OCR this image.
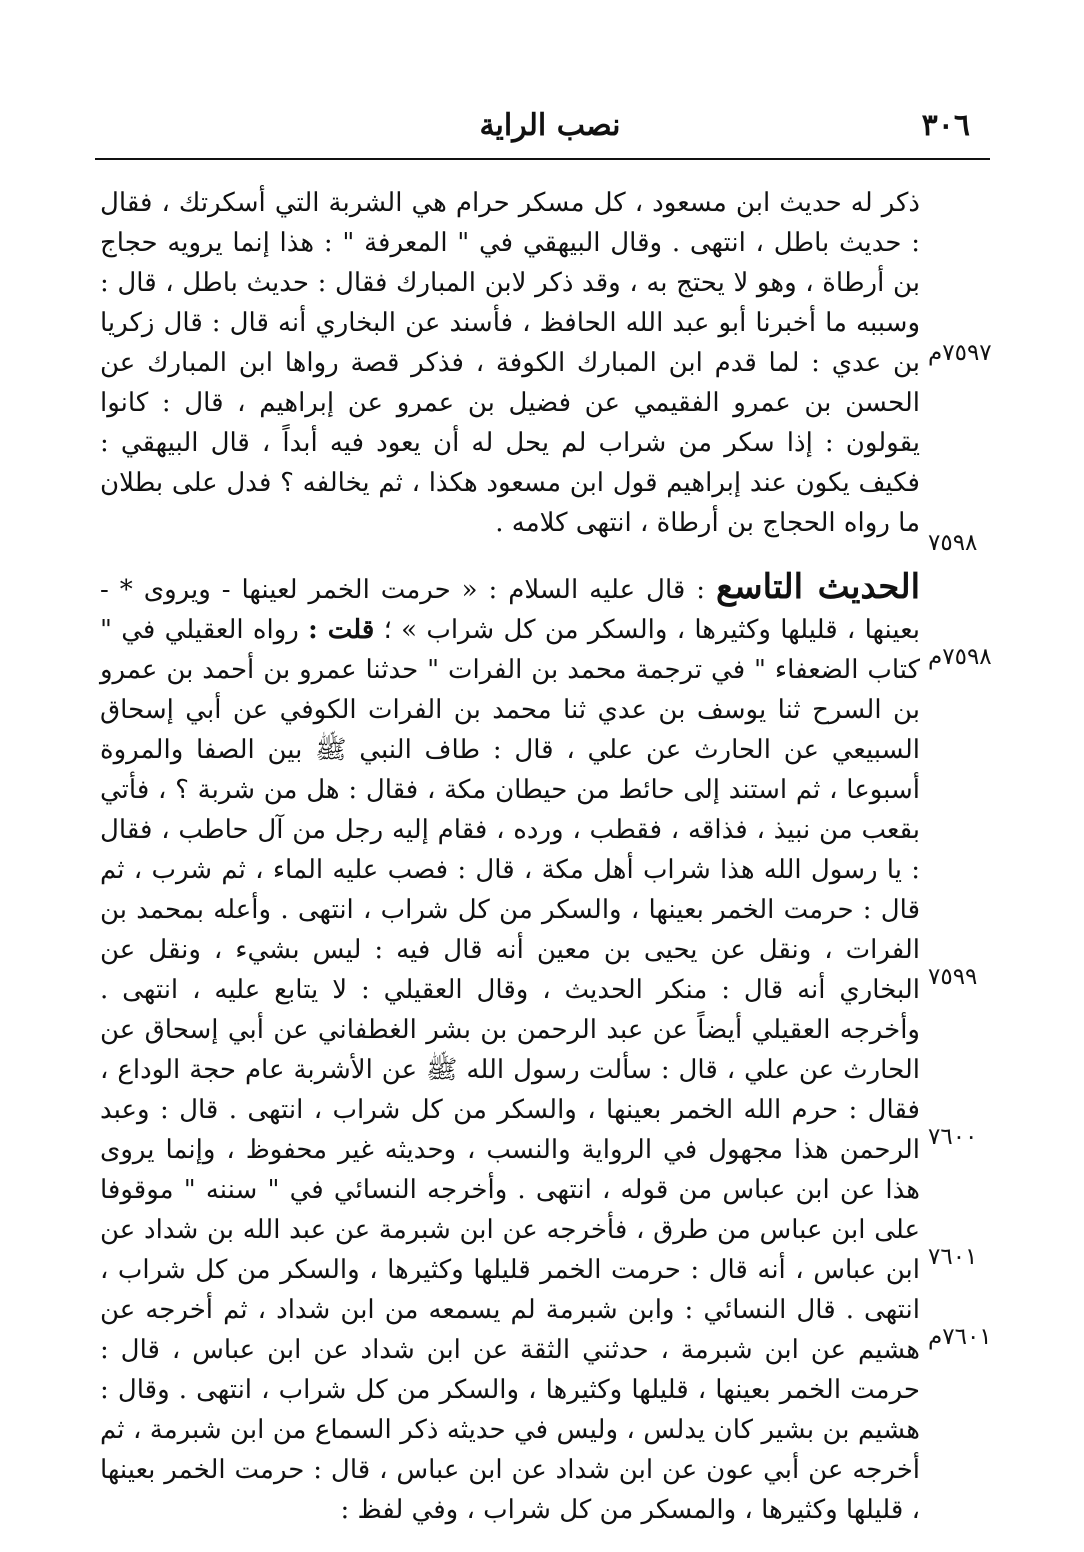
٣٠٦
نصب الراية
٧٥٩٧م
٧٥٩٨
٧٥٩٨م
٧٥٩٩
٧٦٠٠
٧٦٠١
٧٦٠١م

ذكر له حديث ابن مسعود ، كل مسكر حرام هي الشربة التي أسكرتك ، فقال : حديث باطل ، انتهى . وقال البيهقي في " المعرفة " : هذا إنما يرويه حجاج بن أرطاة ، وهو لا يحتج به ، وقد ذكر لابن المبارك فقال : حديث باطل ، قال : وسببه ما أخبرنا أبو عبد الله الحافظ ، فأسند عن البخاري أنه قال : قال زكريا بن عدي : لما قدم ابن المبارك الكوفة ، فذكر قصة رواها ابن المبارك عن الحسن بن عمرو الفقيمي عن فضيل بن عمرو عن إبراهيم ، قال : كانوا يقولون : إذا سكر من شراب لم يحل له أن يعود فيه أبداً ، قال البيهقي : فكيف يكون عند إبراهيم قول ابن مسعود هكذا ، ثم يخالفه ؟ فدل على بطلان ما رواه الحجاج بن أرطاة ، انتهى كلامه .

الحديث التاسع : قال عليه السلام : « حرمت الخمر لعينها - ويروى * - بعينها ، قليلها وكثيرها ، والسكر من كل شراب » ؛ قلت : رواه العقيلي في " كتاب الضعفاء " في ترجمة محمد بن الفرات " حدثنا عمرو بن أحمد بن عمرو بن السرح ثنا يوسف بن عدي ثنا محمد بن الفرات الكوفي عن أبي إسحاق السبيعي عن الحارث عن علي ، قال : طاف النبي ﷺ بين الصفا والمروة أسبوعا ، ثم استند إلى حائط من حيطان مكة ، فقال : هل من شربة ؟ ، فأتي بقعب من نبيذ ، فذاقه ، فقطب ، ورده ، فقام إليه رجل من آل حاطب ، فقال : يا رسول الله هذا شراب أهل مكة ، قال : فصب عليه الماء ، ثم شرب ، ثم قال : حرمت الخمر بعينها ، والسكر من كل شراب ، انتهى . وأعله بمحمد بن الفرات ، ونقل عن يحيى بن معين أنه قال فيه : ليس بشيء ، ونقل عن البخاري أنه قال : منكر الحديث ، وقال العقيلي : لا يتابع عليه ، انتهى . وأخرجه العقيلي أيضاً عن عبد الرحمن بن بشر الغطفاني عن أبي إسحاق عن الحارث عن علي ، قال : سألت رسول الله ﷺ عن الأشربة عام حجة الوداع ، فقال : حرم الله الخمر بعينها ، والسكر من كل شراب ، انتهى . قال : وعبد الرحمن هذا مجهول في الرواية والنسب ، وحديثه غير محفوظ ، وإنما يروى هذا عن ابن عباس من قوله ، انتهى . وأخرجه النسائي في " سننه " موقوفا على ابن عباس من طرق ، فأخرجه عن ابن شبرمة عن عبد الله بن شداد عن ابن عباس ، أنه قال : حرمت الخمر قليلها وكثيرها ، والسكر من كل شراب ، انتهى . قال النسائي : وابن شبرمة لم يسمعه من ابن شداد ، ثم أخرجه عن هشيم عن ابن شبرمة ، حدثني الثقة عن ابن شداد عن ابن عباس ، قال : حرمت الخمر بعينها ، قليلها وكثيرها ، والسكر من كل شراب ، انتهى . وقال : هشيم بن بشير كان يدلس ، وليس في حديثه ذكر السماع من ابن شبرمة ، ثم أخرجه عن أبي عون عن ابن شداد عن ابن عباس ، قال : حرمت الخمر بعينها ، قليلها وكثيرها ، والمسكر من كل شراب ، وفي لفظ :
